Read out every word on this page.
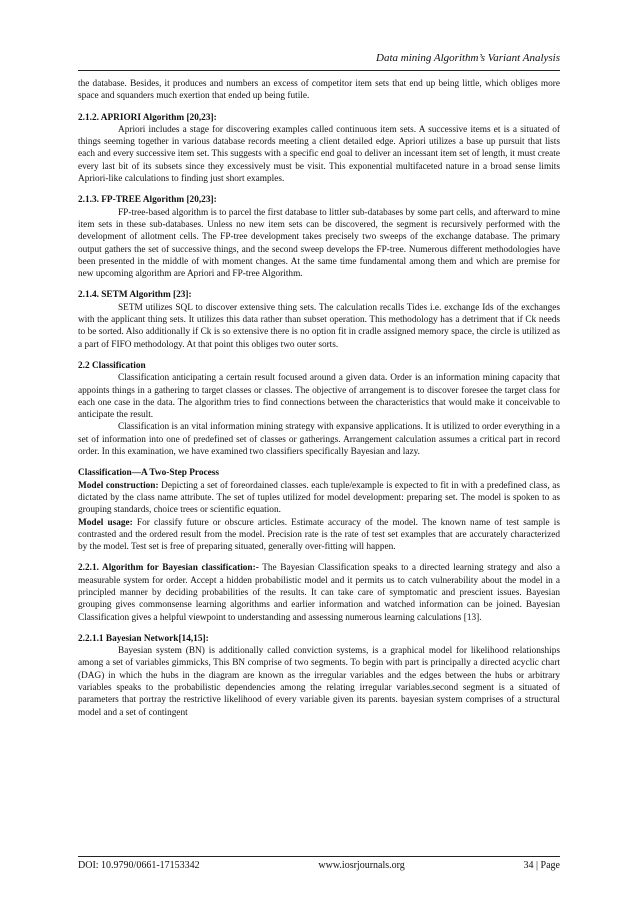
Data mining Algorithm’s Variant Analysis

the database. Besides, it produces and numbers an excess of competitor item sets that end up being little, which obliges more space and squanders much exertion that ended up being futile.

2.1.2. APRIORI Algorithm [20,23]:

Apriori includes a stage for discovering examples called continuous item sets. A successive items et is a situated of things seeming together in various database records meeting a client detailed edge. Apriori utilizes a base up pursuit that lists each and every successive item set. This suggests with a specific end goal to deliver an incessant item set of length, it must create every last bit of its subsets since they excessively must be visit. This exponential multifaceted nature in a broad sense limits Apriori-like calculations to finding just short examples.

2.1.3. FP-TREE Algorithm [20,23]:

FP-tree-based algorithm is to parcel the first database to littler sub-databases by some part cells, and afterward to mine item sets in these sub-databases. Unless no new item sets can be discovered, the segment is recursively performed with the development of allotment cells. The FP-tree development takes precisely two sweeps of the exchange database. The primary output gathers the set of successive things, and the second sweep develops the FP-tree. Numerous different methodologies have been presented in the middle of with moment changes. At the same time fundamental among them and which are premise for new upcoming algorithm are Apriori and FP-tree Algorithm.

2.1.4. SETM Algorithm [23]:

SETM utilizes SQL to discover extensive thing sets. The calculation recalls Tides i.e. exchange Ids of the exchanges with the applicant thing sets. It utilizes this data rather than subset operation. This methodology has a detriment that if Ck needs to be sorted. Also additionally if Ck is so extensive there is no option fit in cradle assigned memory space, the circle is utilized as a part of FIFO methodology. At that point this obliges two outer sorts.

2.2 Classification

Classification anticipating a certain result focused around a given data. Order is an information mining capacity that appoints things in a gathering to target classes or classes. The objective of arrangement is to discover foresee the target class for each one case in the data. The algorithm tries to find connections between the characteristics that would make it conceivable to anticipate the result.

Classification is an vital information mining strategy with expansive applications. It is utilized to order everything in a set of information into one of predefined set of classes or gatherings. Arrangement calculation assumes a critical part in record order. In this examination, we have examined two classifiers specifically Bayesian and lazy.

Classification—A Two-Step Process

Model construction: Depicting a set of foreordained classes. each tuple/example is expected to fit in with a predefined class, as dictated by the class name attribute. The set of tuples utilized for model development: preparing set. The model is spoken to as grouping standards, choice trees or scientific equation.

Model usage: For classify future or obscure articles. Estimate accuracy of the model. The known name of test sample is contrasted and the ordered result from the model. Precision rate is the rate of test set examples that are accurately characterized by the model. Test set is free of preparing situated, generally over-fitting will happen.

2.2.1. Algorithm for Bayesian classification:- The Bayesian Classification speaks to a directed learning strategy and also a measurable system for order. Accept a hidden probabilistic model and it permits us to catch vulnerability about the model in a principled manner by deciding probabilities of the results. It can take care of symptomatic and prescient issues. Bayesian grouping gives commonsense learning algorithms and earlier information and watched information can be joined. Bayesian Classification gives a helpful viewpoint to understanding and assessing numerous learning calculations [13].

2.2.1.1 Bayesian Network[14,15]:

Bayesian system (BN) is additionally called conviction systems, is a graphical model for likelihood relationships among a set of variables gimmicks, This BN comprise of two segments. To begin with part is principally a directed acyclic chart (DAG) in which the hubs in the diagram are known as the irregular variables and the edges between the hubs or arbitrary variables speaks to the probabilistic dependencies among the relating irregular variables.second segment is a situated of parameters that portray the restrictive likelihood of every variable given its parents. bayesian system comprises of a structural model and a set of contingent

DOI: 10.9790/0661-17153342	www.iosrjournals.org	34 | Page
